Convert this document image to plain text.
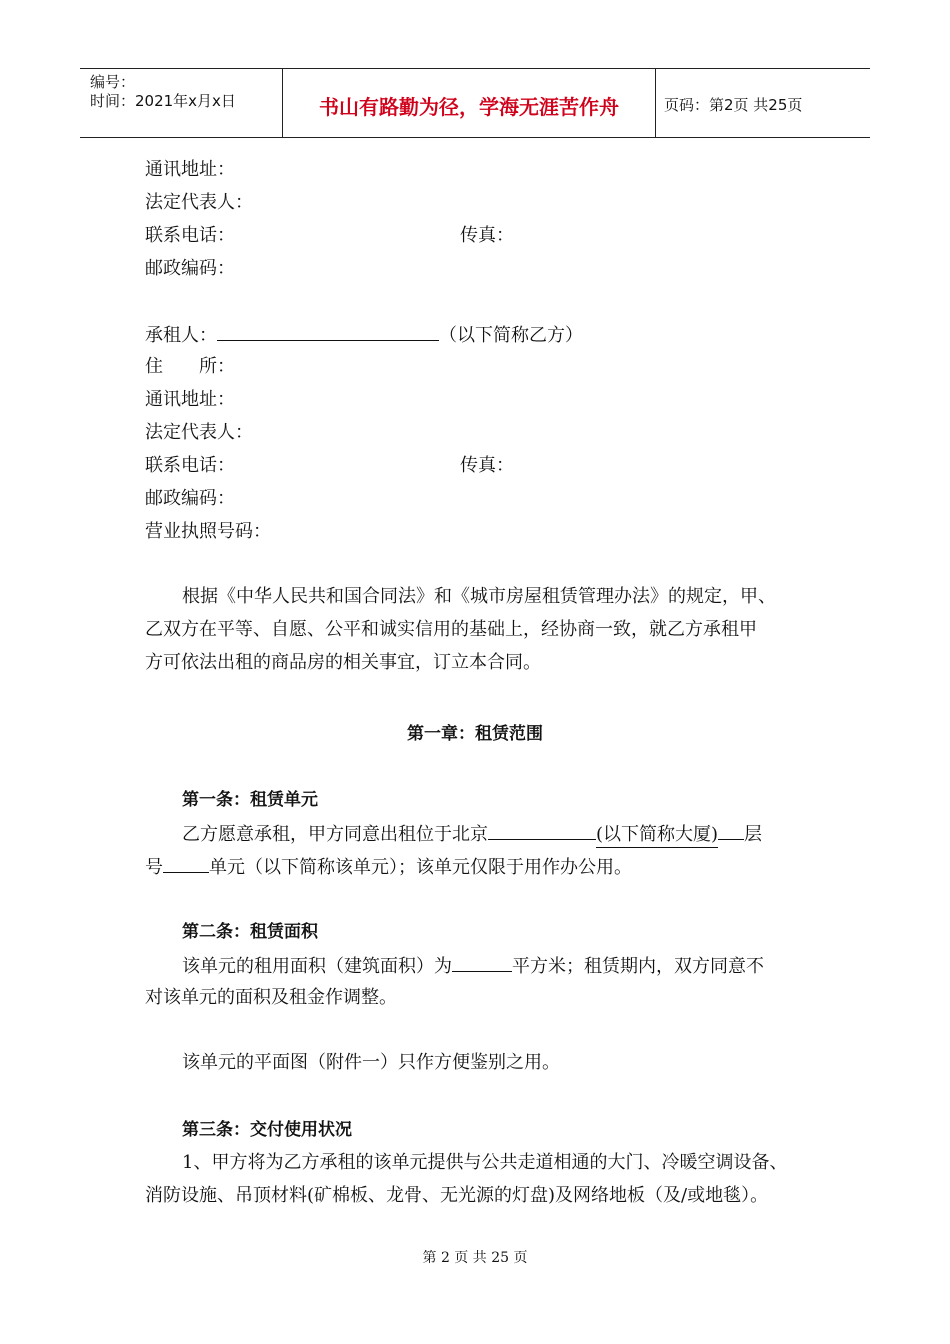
编号：
时间：2021年x月x日	书山有路勤为径，学海无涯苦作舟	页码：第2页 共25页
通讯地址：
法定代表人：
联系电话：	传真：
邮政编码：
承租人：	（以下简称乙方）
住　　所：
通讯地址：
法定代表人：
联系电话：	传真：
邮政编码：
营业执照号码：
根据《中华人民共和国合同法》和《城市房屋租赁管理办法》的规定，甲、
乙双方在平等、自愿、公平和诚实信用的基础上，经协商一致，就乙方承租甲
方可依法出租的商品房的相关事宜，订立本合同。
第一章：租赁范围
第一条：租赁单元
乙方愿意承租，甲方同意出租位于北京	(以下简称大厦) 层
号	单元（以下简称该单元）；该单元仅限于用作办公用。
第二条：租赁面积
该单元的租用面积（建筑面积）为	平方米；租赁期内，双方同意不
对该单元的面积及租金作调整。
该单元的平面图（附件一）只作方便鉴别之用。
第三条：交付使用状况
1、甲方将为乙方承租的该单元提供与公共走道相通的大门、冷暖空调设备、
消防设施、吊顶材料(矿棉板、龙骨、无光源的灯盘)及网络地板（及/或地毯）。
第 2 页 共 25 页
